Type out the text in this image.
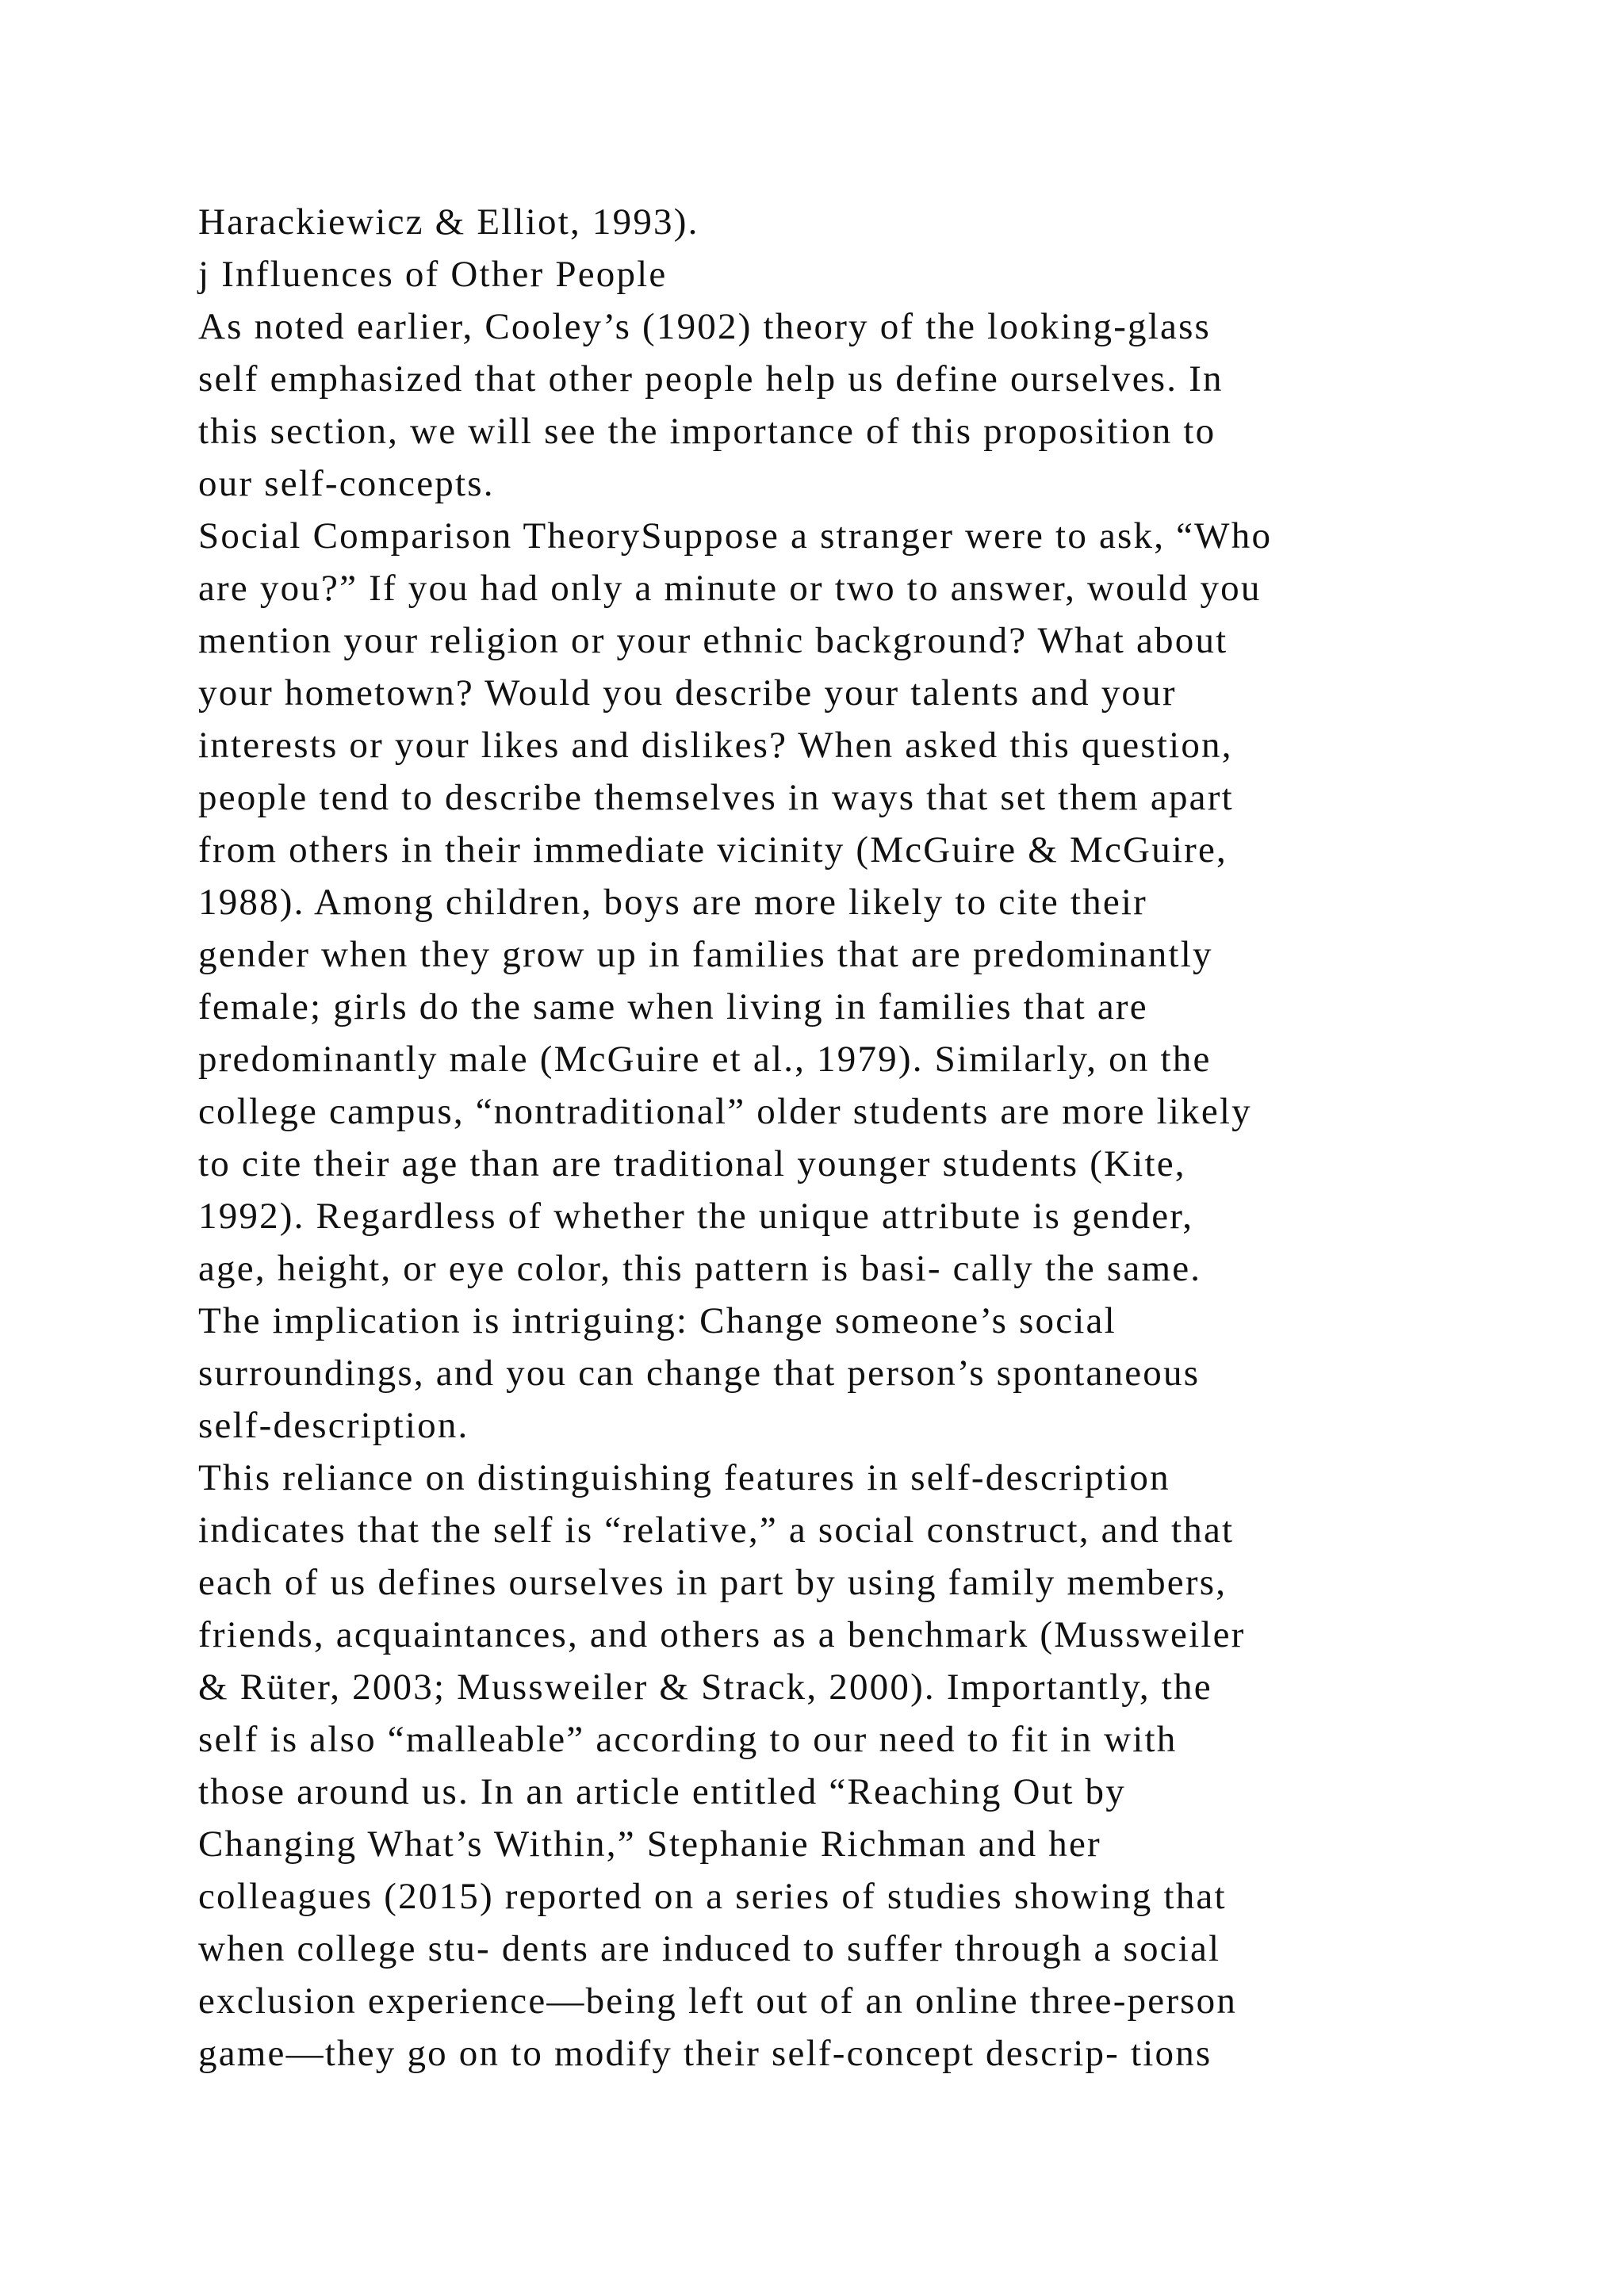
Harackiewicz & Elliot, 1993).
j Influences of Other People
As noted earlier, Cooley’s (1902) theory of the looking-glass
self emphasized that other people help us define ourselves. In
this section, we will see the importance of this proposition to
our self-concepts.
Social Comparison TheorySuppose a stranger were to ask, “Who
are you?” If you had only a minute or two to answer, would you
mention your religion or your ethnic background? What about
your hometown? Would you describe your talents and your
interests or your likes and dislikes? When asked this question,
people tend to describe themselves in ways that set them apart
from others in their immediate vicinity (McGuire & McGuire,
1988). Among children, boys are more likely to cite their
gender when they grow up in families that are predominantly
female; girls do the same when living in families that are
predominantly male (McGuire et al., 1979). Similarly, on the
college campus, “nontraditional” older students are more likely
to cite their age than are traditional younger students (Kite,
1992). Regardless of whether the unique attribute is gender,
age, height, or eye color, this pattern is basi- cally the same.
The implication is intriguing: Change someone’s social
surroundings, and you can change that person’s spontaneous
self-description.
This reliance on distinguishing features in self-description
indicates that the self is “relative,” a social construct, and that
each of us defines ourselves in part by using family members,
friends, acquaintances, and others as a benchmark (Mussweiler
& Rüter, 2003; Mussweiler & Strack, 2000). Importantly, the
self is also “malleable” according to our need to fit in with
those around us. In an article entitled “Reaching Out by
Changing What’s Within,” Stephanie Richman and her
colleagues (2015) reported on a series of studies showing that
when college stu- dents are induced to suffer through a social
exclusion experience—being left out of an online three-person
game—they go on to modify their self-concept descrip- tions
